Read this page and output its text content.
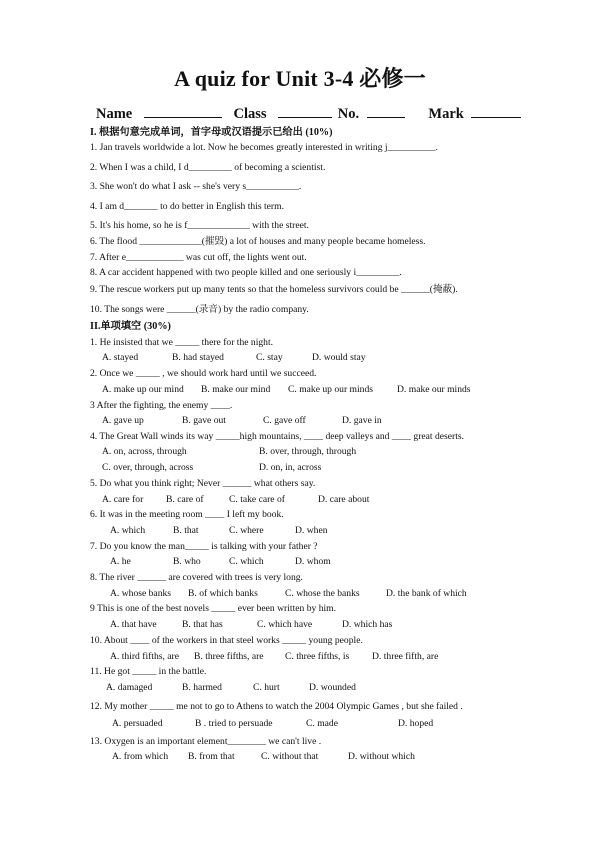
A quiz for Unit 3-4 必修一
Name	Class	No.	Mark
I. 根据句意完成单词，首字母或汉语提示已给出 (10%)
1. Jan travels worldwide a lot. Now he becomes greatly interested in writing j__________.
2. When I was a child, I d_________ of becoming a scientist.
3. She won't do what I ask -- she's very s___________.
4. I am d_______ to do better in English this term.
5. It's his home, so he is f_____________ with the street.
6. The flood _____________(摧毁) a lot of houses and many people became homeless.
7. After e____________ was cut off, the lights went out.
8. A car accident happened with two people killed and one seriously i_________.
9. The rescue workers put up many tents so that the homeless survivors could be ______(掩蔽).
10. The songs were ______(录音) by the radio company.
II.单项填空 (30%)
1. He insisted that we _____ there for the night.
A. stayed	B. had stayed	C. stay	D. would stay
2. Once we _____ , we should work hard until we succeed.
A. make up our mind B. make our mind C. make up our minds D. make our minds
3 After the fighting, the enemy ____.
A. gave up	B. gave out	C. gave off	D. gave in
4. The Great Wall winds its way _____high mountains, ____ deep valleys and ____ great deserts.
A. on, across, through	B. over, through, through
C. over, through, across	D. on, in, across
5. Do what you think right; Never ______ what others say.
A. care for B. care of	C. take care of	D. care about
6. It was in the meeting room ____ I left my book.
A. which	B. that	C. where	D. when
7. Do you know the man_____ is talking with your father ?
A. he	B. who	C. which	D. whom
8. The river ______ are covered with trees is very long.
A. whose banks B. of which banks	C. whose the banks	D. the bank of which
9 This is one of the best novels _____ ever been written by him.
A. that have	B. that has	C. which have	D. which has
10. About ____ of the workers in that steel works _____ young people.
A. third fifths, are B. three fifths, are C. three fifths, is D. three fifth, are
11. He got _____ in the battle.
A. damaged	B. harmed	C. hurt	D. wounded
12. My mother _____ me not to go to Athens to watch the 2004 Olympic Games , but she failed .
A. persuaded	B . tried to persuade	C. made	D. hoped
13. Oxygen is an important element________ we can't live .
A. from which B. from that	C. without that	D. without which
